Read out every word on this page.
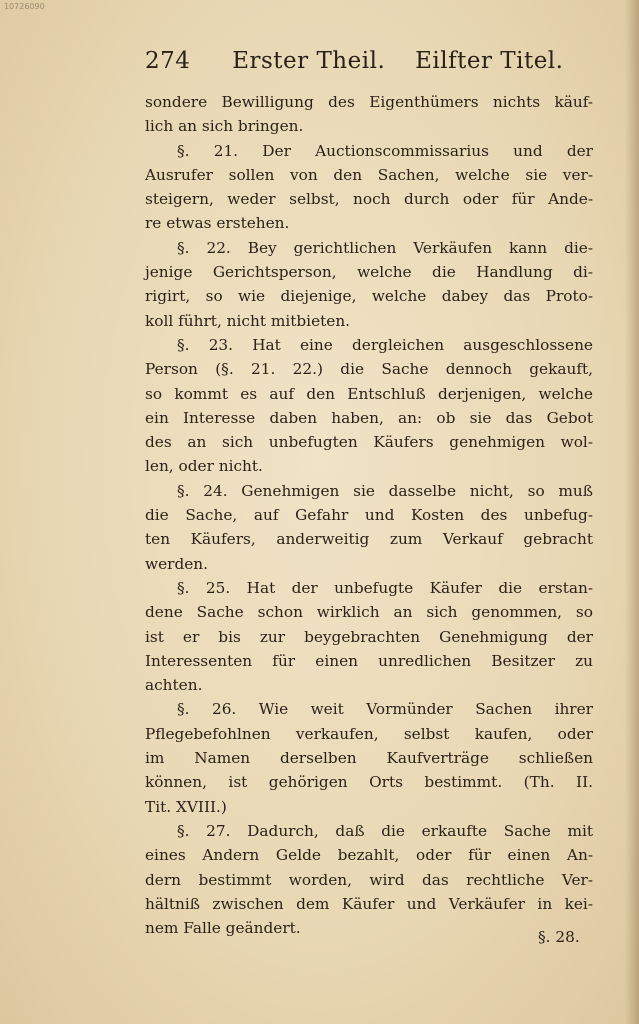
10726090
274 Erster Theil. Eilfter Titel.
sondere Bewilligung des Eigenthümers nichts käuf-
lich an sich bringen.
§. 21. Der Auctionscommissarius und der
Ausrufer sollen von den Sachen, welche sie ver-
steigern, weder selbst, noch durch oder für Ande-
re etwas erstehen.
§. 22. Bey gerichtlichen Verkäufen kann die-
jenige Gerichtsperson, welche die Handlung di-
rigirt, so wie diejenige, welche dabey das Proto-
koll führt, nicht mitbieten.
§. 23. Hat eine dergleichen ausgeschlossene
Person (§. 21. 22.) die Sache dennoch gekauft,
so kommt es auf den Entschluß derjenigen, welche
ein Interesse daben haben, an: ob sie das Gebot
des an sich unbefugten Käufers genehmigen wol-
len, oder nicht.
§. 24. Genehmigen sie dasselbe nicht, so muß
die Sache, auf Gefahr und Kosten des unbefug-
ten Käufers, anderweitig zum Verkauf gebracht
werden.
§. 25. Hat der unbefugte Käufer die erstan-
dene Sache schon wirklich an sich genommen, so
ist er bis zur beygebrachten Genehmigung der
Interessenten für einen unredlichen Besitzer zu
achten.
§. 26. Wie weit Vormünder Sachen ihrer
Pflegebefohlnen verkaufen, selbst kaufen, oder
im Namen derselben Kaufverträge schließen
können, ist gehörigen Orts bestimmt. (Th. II.
Tit. XVIII.)
§. 27. Dadurch, daß die erkaufte Sache mit
eines Andern Gelde bezahlt, oder für einen An-
dern bestimmt worden, wird das rechtliche Ver-
hältniß zwischen dem Käufer und Verkäufer in kei-
nem Falle geändert.	§. 28.
